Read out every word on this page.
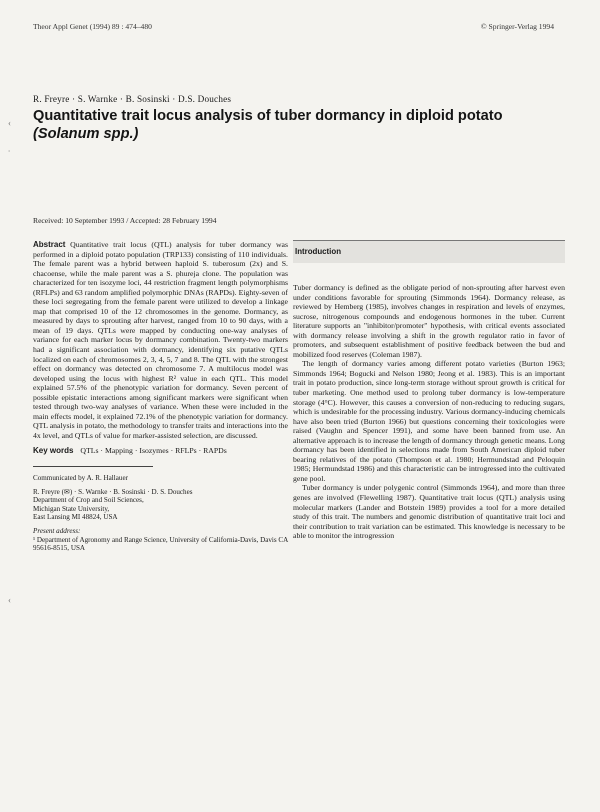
Theor Appl Genet (1994) 89 : 474–480	© Springer-Verlag 1994
‹
∙
‹
R. Freyre · S. Warnke · B. Sosinski · D.S. Douches
Quantitative trait locus analysis of tuber dormancy in diploid potato
(Solanum spp.)
Received: 10 September 1993 / Accepted: 28 February 1994
Abstract Quantitative trait locus (QTL) analysis for tuber dormancy was performed in a diploid potato population (TRP133) consisting of 110 individuals. The female parent was a hybrid between haploid S. tuberosum (2x) and S. chacoense, while the male parent was a S. phureja clone. The population was characterized for ten isozyme loci, 44 restriction fragment length polymorphisms (RFLPs) and 63 random amplified polymorphic DNAs (RAPDs). Eighty-seven of these loci segregating from the female parent were utilized to develop a linkage map that comprised 10 of the 12 chromosomes in the genome. Dormancy, as measured by days to sprouting after harvest, ranged from 10 to 90 days, with a mean of 19 days. QTLs were mapped by conducting one-way analyses of variance for each marker locus by dormancy combination. Twenty-two markers had a significant association with dormancy, identifying six putative QTLs localized on each of chromosomes 2, 3, 4, 5, 7 and 8. The QTL with the strongest effect on dormancy was detected on chromosome 7. A multilocus model was developed using the locus with highest R² value in each QTL. This model explained 57.5% of the phenotypic variation for dormancy. Seven percent of possible epistatic interactions among significant markers were significant when tested through two-way analyses of variance. When these were included in the main effects model, it explained 72.1% of the phenotypic variation for dormancy. QTL analysis in potato, the methodology to transfer traits and interactions into the 4x level, and QTLs of value for marker-assisted selection, are discussed.
Key words QTLs · Mapping · Isozymes · RFLPs · RAPDs

Communicated by A. R. Hallauer

R. Freyre (✉) · S. Warnke · B. Sosinski · D. S. Douches

Department of Crop and Soil Sciences,

Michigan State University,

East Lansing MI 48824, USA

Present address:

¹ Department of Agronomy and Range Science, University of California-Davis, Davis CA 95616-8515, USA

Introduction

Tuber dormancy is defined as the obligate period of non-sprouting after harvest even under conditions favorable for sprouting (Simmonds 1964). Dormancy release, as reviewed by Hemberg (1985), involves changes in respiration and levels of enzymes, sucrose, nitrogenous compounds and endogenous hormones in the tuber. Current literature supports an "inhibitor/promoter" hypothesis, with critical events associated with dormancy release involving a shift in the growth regulator ratio in favor of promoters, and subsequent establishment of positive feedback between the bud and mobilized food reserves (Coleman 1987).

The length of dormancy varies among different potato varieties (Burton 1963; Simmonds 1964; Bogucki and Nelson 1980; Jeong et al. 1983). This is an important trait in potato production, since long-term storage without sprout growth is critical for tuber marketing. One method used to prolong tuber dormancy is low-temperature storage (4°C). However, this causes a conversion of non-reducing to reducing sugars, which is undesirable for the processing industry. Various dormancy-inducing chemicals have also been tried (Burton 1966) but questions concerning their toxicologies were raised (Vaughn and Spencer 1991), and some have been banned from use. An alternative approach is to increase the length of dormancy through genetic means. Long dormancy has been identified in selections made from South American diploid tuber bearing relatives of the potato (Thompson et al. 1980; Hermundstad and Peloquin 1985; Hermundstad 1986) and this characteristic can be introgressed into the cultivated gene pool.

Tuber dormancy is under polygenic control (Simmonds 1964), and more than three genes are involved (Flewelling 1987). Quantitative trait locus (QTL) analysis using molecular markers (Lander and Botstein 1989) provides a tool for a more detailed study of this trait. The numbers and genomic distribution of quantitative trait loci and their contribution to trait variation can be estimated. This knowledge is necessary to be able to monitor the introgression
